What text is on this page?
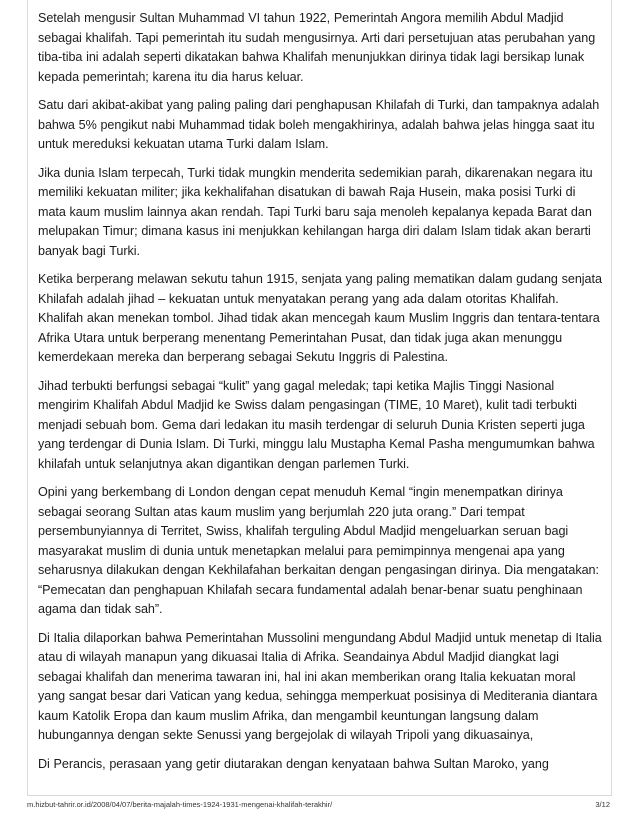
Setelah mengusir Sultan Muhammad VI tahun 1922, Pemerintah Angora memilih Abdul Madjid sebagai khalifah. Tapi pemerintah itu sudah mengusirnya. Arti dari persetujuan atas perubahan yang tiba-tiba ini adalah seperti dikatakan bahwa Khalifah menunjukkan dirinya tidak lagi bersikap lunak kepada pemerintah; karena itu dia harus keluar.

Satu dari akibat-akibat yang paling paling dari penghapusan Khilafah di Turki, dan tampaknya adalah bahwa 5% pengikut nabi Muhammad tidak boleh mengakhirinya, adalah bahwa jelas hingga saat itu untuk mereduksi kekuatan utama Turki dalam Islam.

Jika dunia Islam terpecah, Turki tidak mungkin menderita sedemikian parah, dikarenakan negara itu memiliki kekuatan militer; jika kekhalifahan disatukan di bawah Raja Husein, maka posisi Turki di mata kaum muslim lainnya akan rendah. Tapi Turki baru saja menoleh kepalanya kepada Barat dan melupakan Timur; dimana kasus ini menjukkan kehilangan harga diri dalam Islam tidak akan berarti banyak bagi Turki.

Ketika berperang melawan sekutu tahun 1915, senjata yang paling mematikan dalam gudang senjata Khilafah adalah jihad – kekuatan untuk menyatakan perang yang ada dalam otoritas Khalifah. Khalifah akan menekan tombol. Jihad tidak akan mencegah kaum Muslim Inggris dan tentara-tentara Afrika Utara untuk berperang menentang Pemerintahan Pusat, dan tidak juga akan menunggu kemerdekaan mereka dan berperang sebagai Sekutu Inggris di Palestina.

Jihad terbukti berfungsi sebagai “kulit” yang gagal meledak; tapi ketika Majlis Tinggi Nasional mengirim Khalifah Abdul Madjid ke Swiss dalam pengasingan (TIME, 10 Maret), kulit tadi terbukti menjadi sebuah bom. Gema dari ledakan itu masih terdengar di seluruh Dunia Kristen seperti juga yang terdengar di Dunia Islam. Di Turki, minggu lalu Mustapha Kemal Pasha mengumumkan bahwa khilafah untuk selanjutnya akan digantikan dengan parlemen Turki.

Opini yang berkembang di London dengan cepat menuduh Kemal “ingin menempatkan dirinya sebagai seorang Sultan atas kaum muslim yang berjumlah 220 juta orang.” Dari tempat persembunyiannya di Territet, Swiss, khalifah terguling Abdul Madjid mengeluarkan seruan bagi masyarakat muslim di dunia untuk menetapkan melalui para pemimpinnya mengenai apa yang seharusnya dilakukan dengan Kekhilafahan berkaitan dengan pengasingan dirinya. Dia mengatakan: “Pemecatan dan penghapuan Khilafah secara fundamental adalah benar-benar suatu penghinaan agama dan tidak sah”.

Di Italia dilaporkan bahwa Pemerintahan Mussolini mengundang Abdul Madjid untuk menetap di Italia atau di wilayah manapun yang dikuasai Italia di Afrika. Seandainya Abdul Madjid diangkat lagi sebagai khalifah dan menerima tawaran ini, hal ini akan memberikan orang Italia kekuatan moral yang sangat besar dari Vatican yang kedua, sehingga memperkuat posisinya di Mediterania diantara kaum Katolik Eropa dan kaum muslim Afrika, dan mengambil keuntungan langsung dalam hubungannya dengan sekte Senussi yang bergejolak di wilayah Tripoli yang dikuasainya,

Di Perancis, perasaan yang getir diutarakan dengan kenyataan bahwa Sultan Maroko, yang

m.hizbut-tahrir.or.id/2008/04/07/berita-majalah-times-1924-1931-mengenai-khalifah-terakhir/	3/12
